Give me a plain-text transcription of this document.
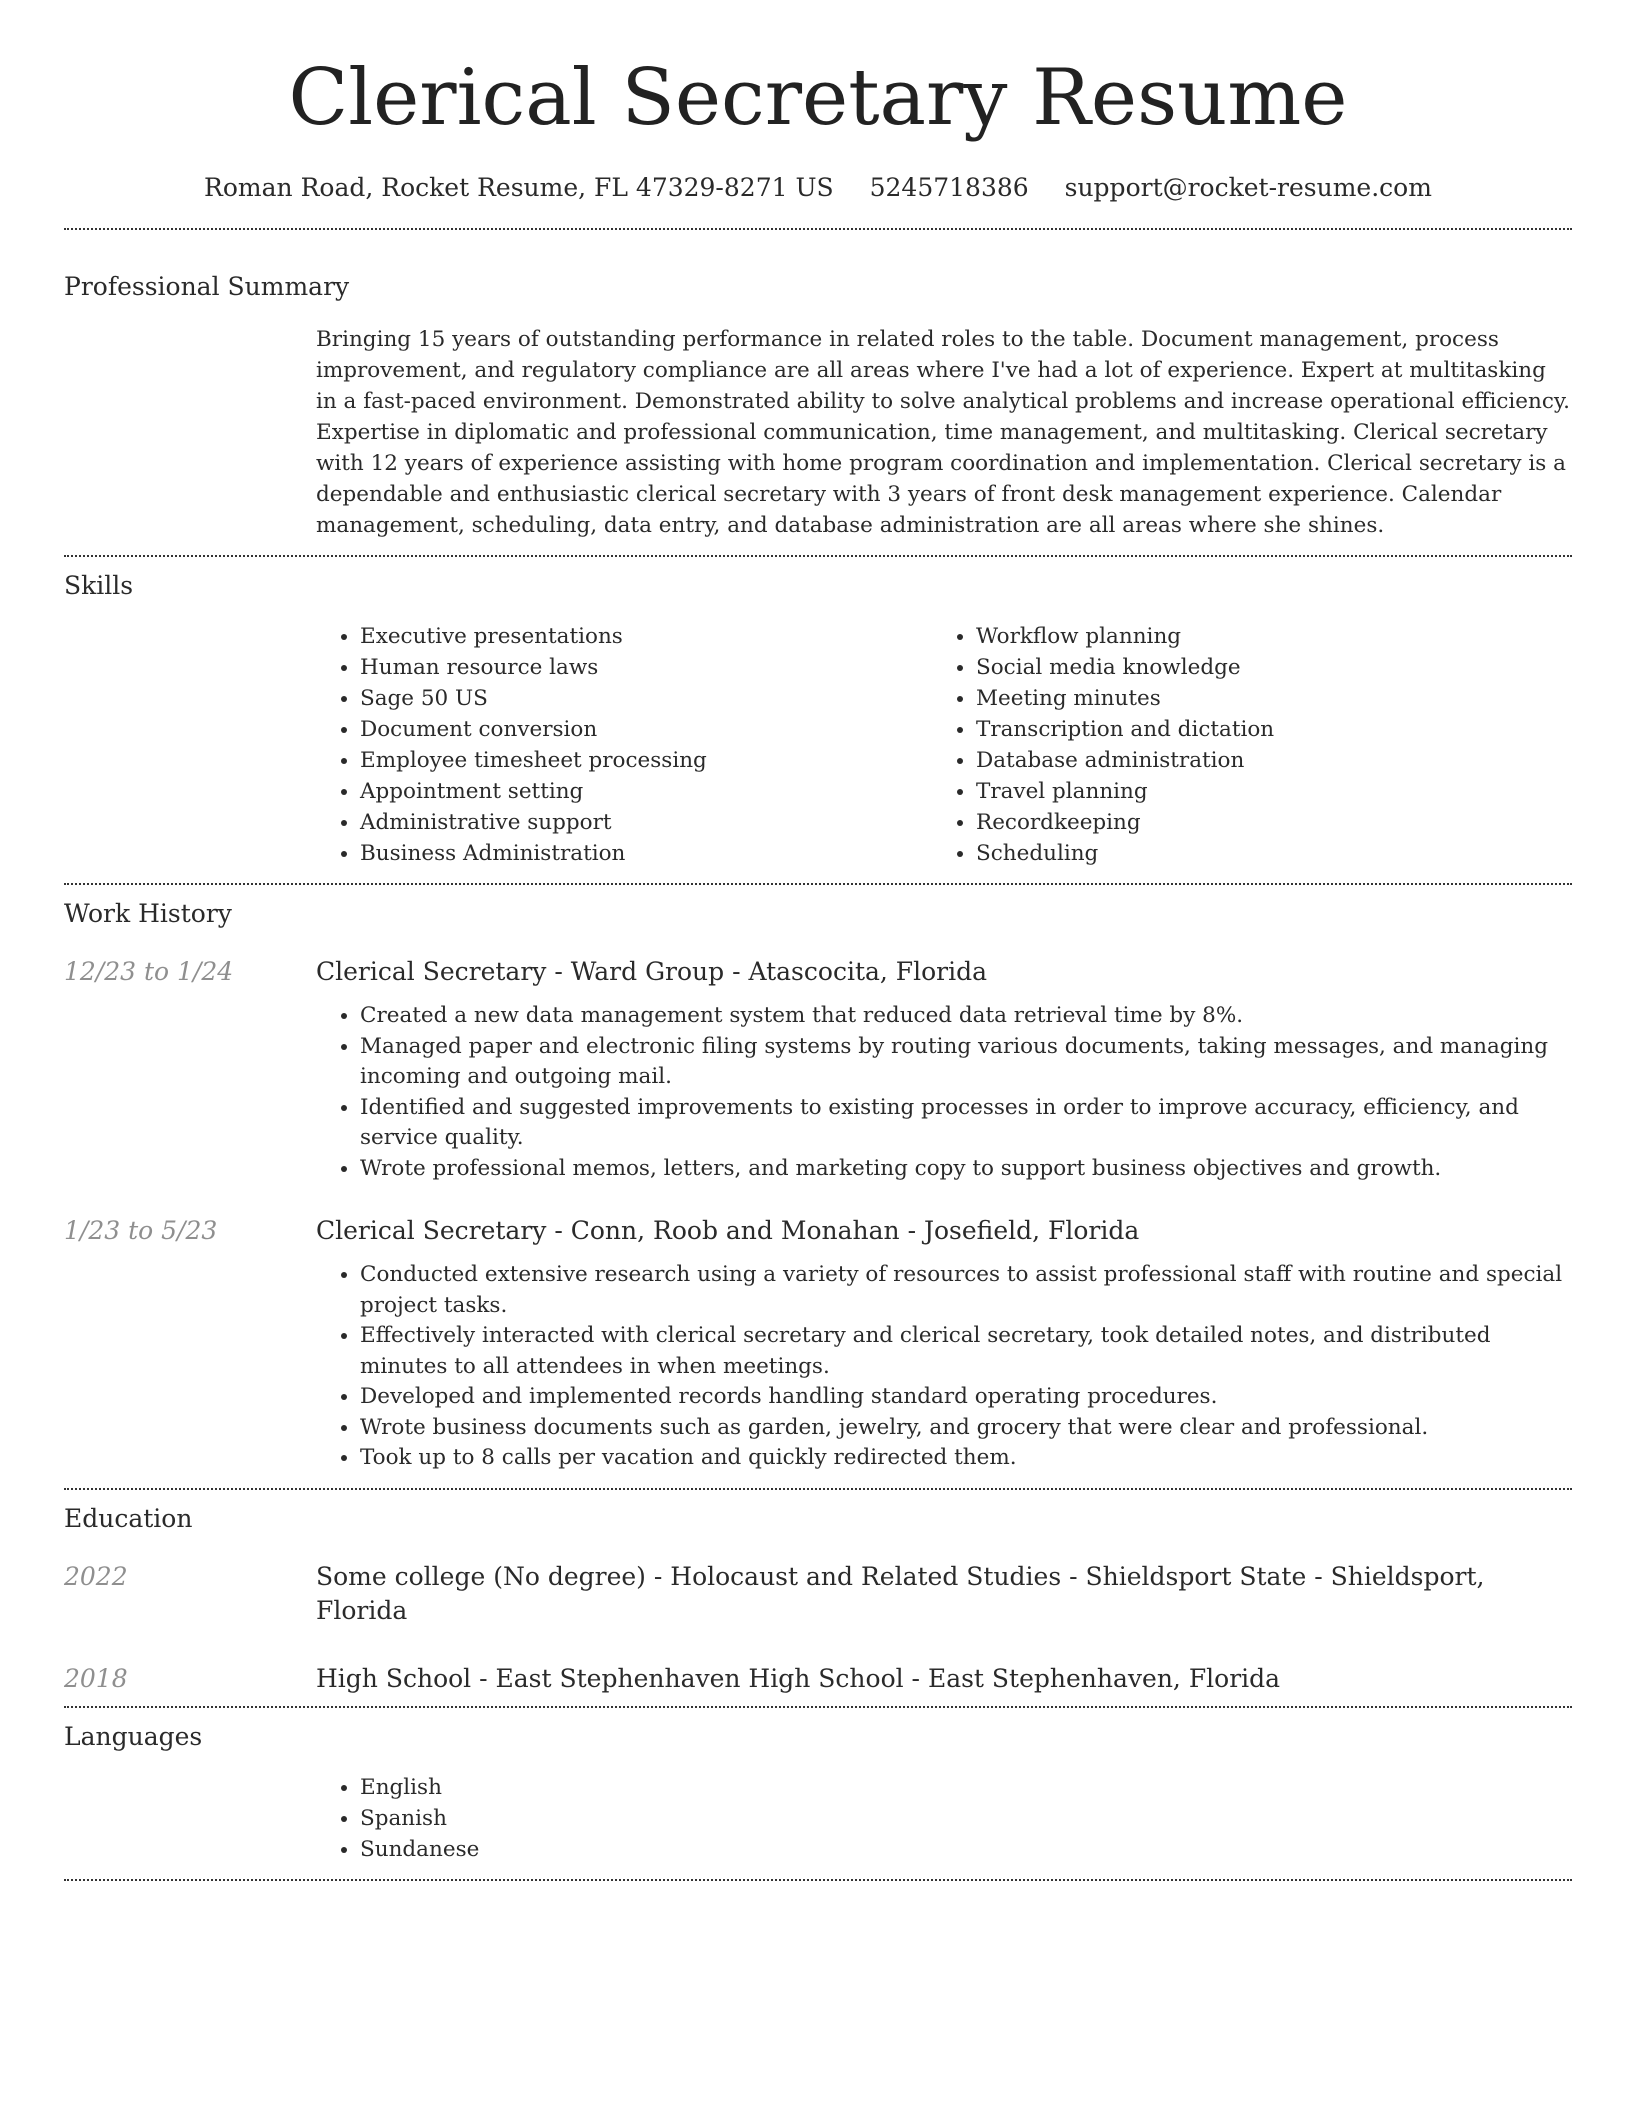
Clerical Secretary Resume
Roman Road, Rocket Resume, FL 47329-8271 US 5245718386 support@rocket-resume.com
Professional Summary
Bringing 15 years of outstanding performance in related roles to the table. Document management, process improvement, and regulatory compliance are all areas where I've had a lot of experience. Expert at multitasking in a fast-paced environment. Demonstrated ability to solve analytical problems and increase operational efficiency. Expertise in diplomatic and professional communication, time management, and multitasking. Clerical secretary with 12 years of experience assisting with home program coordination and implementation. Clerical secretary is a dependable and enthusiastic clerical secretary with 3 years of front desk management experience. Calendar management, scheduling, data entry, and database administration are all areas where she shines.
Skills
• Executive presentations
• Human resource laws
• Sage 50 US
• Document conversion
• Employee timesheet processing
• Appointment setting
• Administrative support
• Business Administration
• Workflow planning
• Social media knowledge
• Meeting minutes
• Transcription and dictation
• Database administration
• Travel planning
• Recordkeeping
• Scheduling
Work History
12/23 to 1/24	Clerical Secretary - Ward Group - Atascocita, Florida
• Created a new data management system that reduced data retrieval time by 8%.
• Managed paper and electronic filing systems by routing various documents, taking messages, and managing incoming and outgoing mail.
• Identified and suggested improvements to existing processes in order to improve accuracy, efficiency, and service quality.
• Wrote professional memos, letters, and marketing copy to support business objectives and growth.
1/23 to 5/23	Clerical Secretary - Conn, Roob and Monahan - Josefield, Florida
• Conducted extensive research using a variety of resources to assist professional staff with routine and special project tasks.
• Effectively interacted with clerical secretary and clerical secretary, took detailed notes, and distributed minutes to all attendees in when meetings.
• Developed and implemented records handling standard operating procedures.
• Wrote business documents such as garden, jewelry, and grocery that were clear and professional.
• Took up to 8 calls per vacation and quickly redirected them.
Education
2022	Some college (No degree) - Holocaust and Related Studies - Shieldsport State - Shieldsport, Florida
2018	High School - East Stephenhaven High School - East Stephenhaven, Florida
Languages
• English
• Spanish
• Sundanese
